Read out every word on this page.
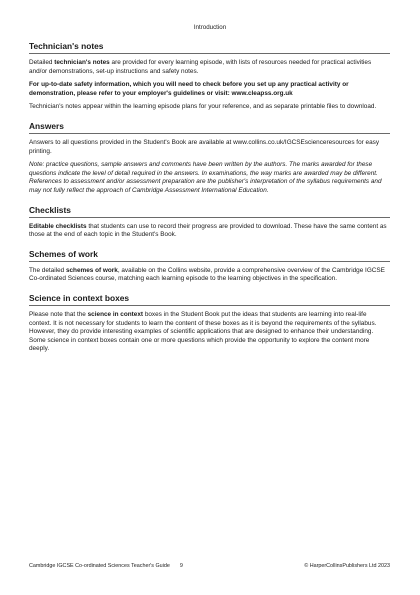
Introduction
Technician's notes

Detailed technician's notes are provided for every learning episode, with lists of resources needed for practical activities and/or demonstrations, set-up instructions and safety notes.

For up-to-date safety information, which you will need to check before you set up any practical activity or demonstration, please refer to your employer's guidelines or visit: www.cleapss.org.uk

Technician's notes appear within the learning episode plans for your reference, and as separate printable files to download.

Answers

Answers to all questions provided in the Student's Book are available at www.collins.co.uk/IGCSEscienceresources for easy printing.

Note: practice questions, sample answers and comments have been written by the authors. The marks awarded for these questions indicate the level of detail required in the answers. In examinations, the way marks are awarded may be different. References to assessment and/or assessment preparation are the publisher's interpretation of the syllabus requirements and may not fully reflect the approach of Cambridge Assessment International Education.

Checklists

Editable checklists that students can use to record their progress are provided to download. These have the same content as those at the end of each topic in the Student's Book.

Schemes of work

The detailed schemes of work, available on the Collins website, provide a comprehensive overview of the Cambridge IGCSE Co-ordinated Sciences course, matching each learning episode to the learning objectives in the specification.

Science in context boxes

Please note that the science in context boxes in the Student Book put the ideas that students are learning into real-life context. It is not necessary for students to learn the content of these boxes as it is beyond the requirements of the syllabus. However, they do provide interesting examples of scientific applications that are designed to enhance their understanding. Some science in context boxes contain one or more questions which provide the opportunity to explore the content more deeply.

Cambridge IGCSE Co-ordinated Sciences Teacher's Guide 9	© HarperCollinsPublishers Ltd 2023
